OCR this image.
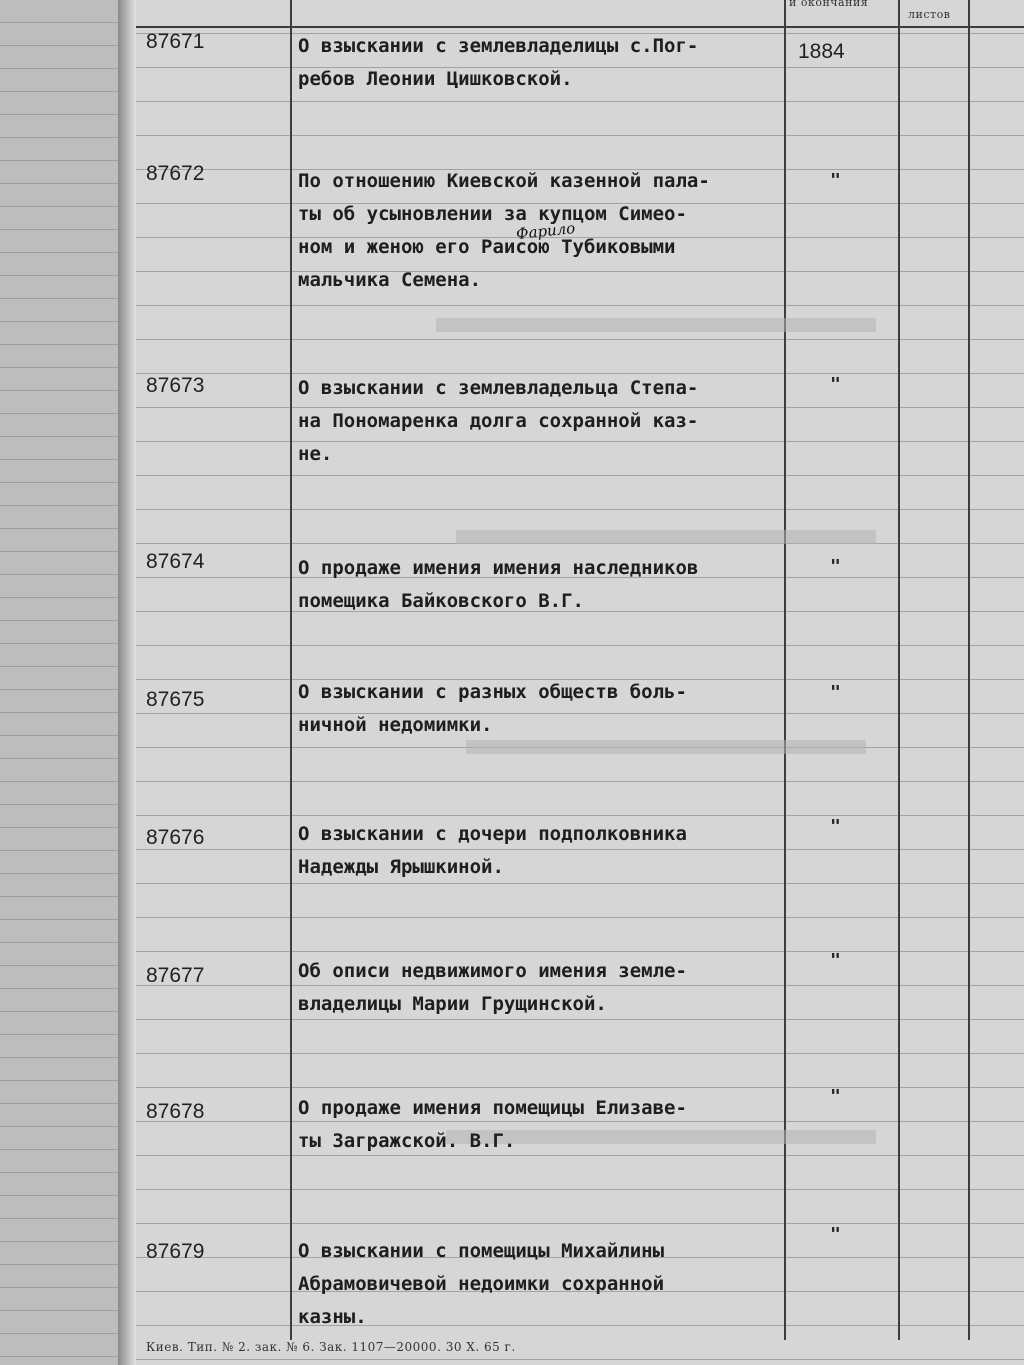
и окончания
листов
87671	О взыскании с землевладелицы с.Пог-
ребов Леонии Цишковской.
1884
87672	По отношению Киевской казенной пала-
ты об усыновлении за купцом Симео-
ном и женою его Раисою Тубиковыми
мальчика Семена.
"
Фарило
87673	О взыскании с землевладельца Степа-
на Пономаренка долга сохранной каз-
не.
"
87674	О продаже имения имения наследников
помещика Байковского В.Г.
"
87675	О взыскании с разных обществ боль-
ничной недомимки.
"
87676	О взыскании с дочери подполковника
Надежды Ярышкиной.
"
87677	Об описи недвижимого имения земле-
владелицы Марии Грущинской.
"
87678	О продаже имения помещицы Елизаве-
ты Загражской. В.Г.
"
87679	О взыскании с помещицы Михайлины
Абрамовичевой недоимки сохранной
казны.
"
Киев. Тип. № 2. зак. № 6. Зак. 1107—20000. 30 Х. 65 г.
